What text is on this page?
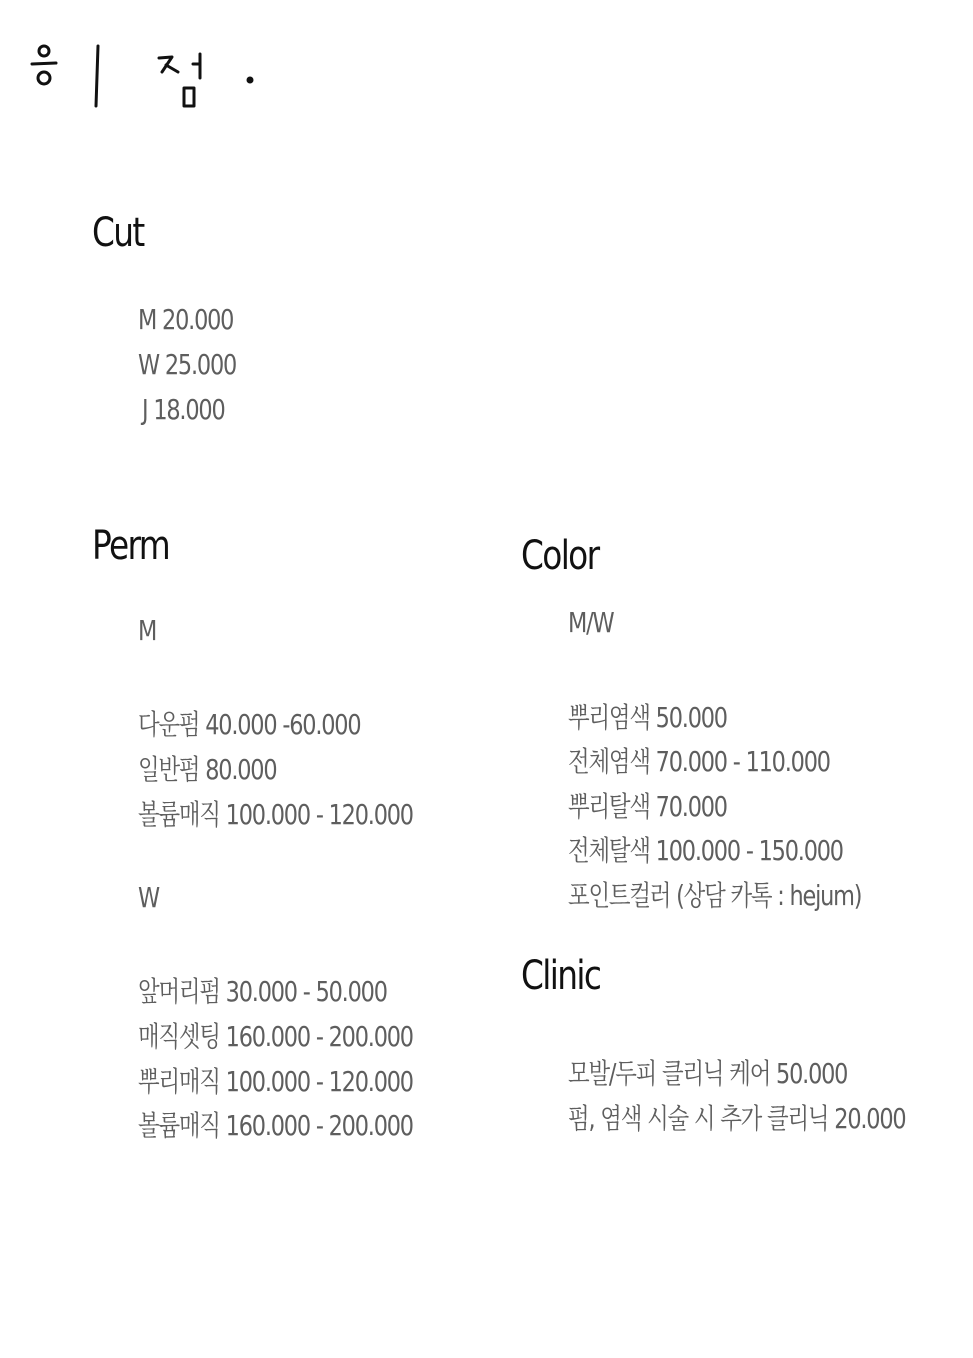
Cut
M 20.000
W 25.000
J 18.000
Perm
M
다운펌 40.000 -60.000
일반펌 80.000
볼륨매직 100.000 - 120.000
W
앞머리펌 30.000 - 50.000
매직셋팅 160.000 - 200.000
뿌리매직 100.000 - 120.000
볼륨매직 160.000 - 200.000
Color
M/W
뿌리염색 50.000
전체염색 70.000 - 110.000
뿌리탈색 70.000
전체탈색 100.000 - 150.000
포인트컬러 (상담 카톡 : hejum)
Clinic
모발/두피 클리닉 케어 50.000
펌, 염색 시술 시 추가 클리닉 20.000
